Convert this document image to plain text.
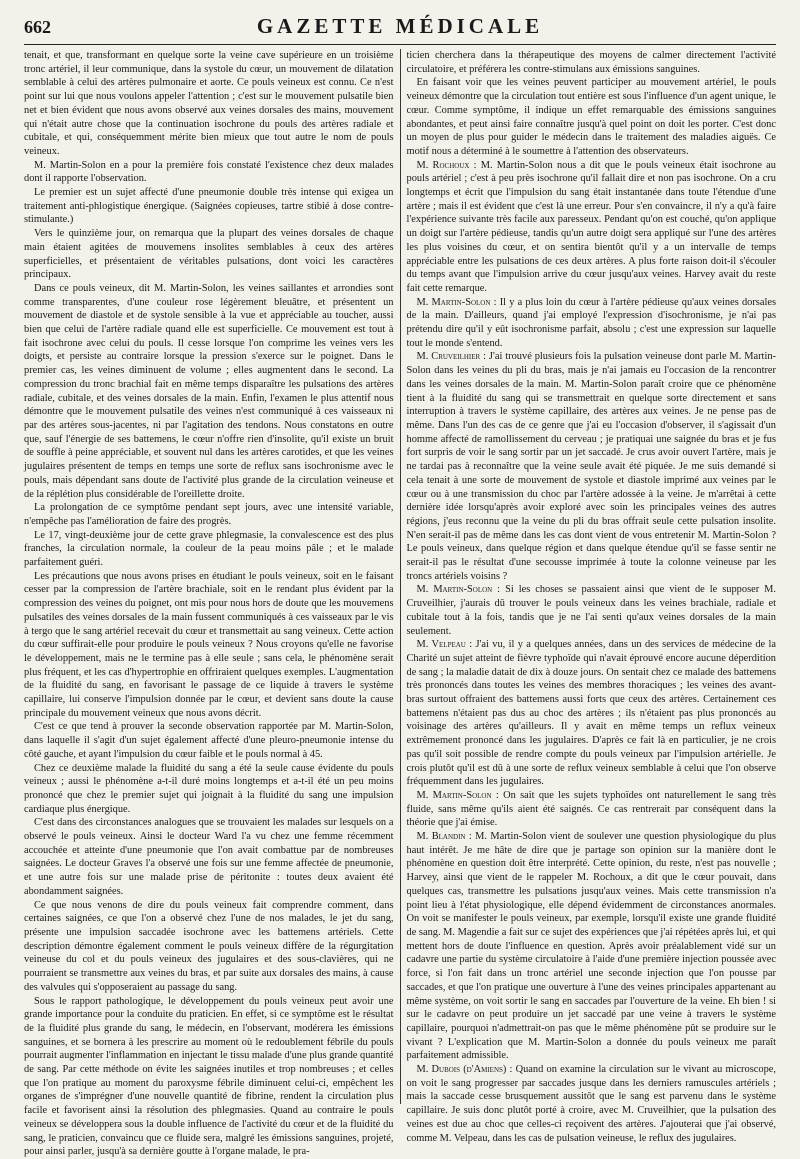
662	GAZETTE MÉDICALE

tenait, et que, transformant en quelque sorte la veine cave supérieure en un troisième tronc artériel, il leur communique, dans la systole du cœur, un mouvement de dilatation semblable à celui des artères pulmonaire et aorte. Ce pouls veineux est connu. Ce n'est point sur lui que nous voulons appeler l'attention ; c'est sur le mouvement pulsatile bien net et bien évident que nous avons observé aux veines dorsales des mains, mouvement qui n'était autre chose que la continuation isochrone du pouls des artères radiale et cubitale, et qui, conséquemment mérite bien mieux que tout autre le nom de pouls veineux.

M. Martin-Solon en a pour la première fois constaté l'existence chez deux malades dont il rapporte l'observation.

Le premier est un sujet affecté d'une pneumonie double très intense qui exigea un traitement anti-phlogistique énergique. (Saignées copieuses, tartre stibié à dose contre-stimulante.)

Vers le quinzième jour, on remarqua que la plupart des veines dorsales de chaque main étaient agitées de mouvemens insolites semblables à ceux des artères superficielles, et présentaient de véritables pulsations, dont voici les caractères principaux.

Dans ce pouls veineux, dit M. Martin-Solon, les veines saillantes et arrondies sont comme transparentes, d'une couleur rose légèrement bleuâtre, et présentent un mouvement de diastole et de systole sensible à la vue et appréciable au toucher, aussi bien que celui de l'artère radiale quand elle est superficielle. Ce mouvement est tout à fait isochrone avec celui du pouls. Il cesse lorsque l'on comprime les veines vers les doigts, et persiste au contraire lorsque la pression s'exerce sur le poignet. Dans le premier cas, les veines diminuent de volume ; elles augmentent dans le second. La compression du tronc brachial fait en même temps disparaître les pulsations des artères radiale, cubitale, et des veines dorsales de la main. Enfin, l'examen le plus attentif nous démontre que le mouvement pulsatile des veines n'est communiqué à ces vaisseaux ni par des artères sous-jacentes, ni par l'agitation des tendons. Nous constatons en outre que, sauf l'énergie de ses battemens, le cœur n'offre rien d'insolite, qu'il existe un bruit de souffle à peine appréciable, et souvent nul dans les artères carotides, et que les veines jugulaires présentent de temps en temps une sorte de reflux sans isochronisme avec le pouls, mais dépendant sans doute de l'activité plus grande de la circulation veineuse et de la réplétion plus considérable de l'oreillette droite.

La prolongation de ce symptôme pendant sept jours, avec une intensité variable, n'empêche pas l'amélioration de faire des progrès.

Le 17, vingt-deuxième jour de cette grave phlegmasie, la convalescence est des plus franches, la circulation normale, la couleur de la peau moins pâle ; et le malade parfaitement guéri.

Les précautions que nous avons prises en étudiant le pouls veineux, soit en le faisant cesser par la compression de l'artère brachiale, soit en le rendant plus évident par la compression des veines du poignet, ont mis pour nous hors de doute que les mouvemens pulsatiles des veines dorsales de la main fussent communiqués à ces vaisseaux par le vis à tergo que le sang artériel recevait du cœur et transmettait au sang veineux. Cette action du cœur suffirait-elle pour produire le pouls veineux ? Nous croyons qu'elle ne favorise le développement, mais ne le termine pas à elle seule ; sans cela, le phénomène serait plus fréquent, et les cas d'hypertrophie en offriraient quelques exemples. L'augmentation de la fluidité du sang, en favorisant le passage de ce liquide à travers le système capillaire, lui conserve l'impulsion donnée par le cœur, et devient sans doute la cause principale du mouvement veineux que nous avons décrit.

C'est ce que tend à prouver la seconde observation rapportée par M. Martin-Solon, dans laquelle il s'agit d'un sujet également affecté d'une pleuro-pneumonie intense du côté gauche, et ayant l'impulsion du cœur faible et le pouls normal à 45.

Chez ce deuxième malade la fluidité du sang a été la seule cause évidente du pouls veineux ; aussi le phénomène a-t-il duré moins longtemps et a-t-il été un peu moins prononcé que chez le premier sujet qui joignait à la fluidité du sang une impulsion cardiaque plus énergique.

C'est dans des circonstances analogues que se trouvaient les malades sur lesquels on a observé le pouls veineux. Ainsi le docteur Ward l'a vu chez une femme récemment accouchée et atteinte d'une pneumonie que l'on avait combattue par de nombreuses saignées. Le docteur Graves l'a observé une fois sur une femme affectée de pneumonie, et une autre fois sur une malade prise de péritonite : toutes deux avaient été abondamment saignées.

Ce que nous venons de dire du pouls veineux fait comprendre comment, dans certaines saignées, ce que l'on a observé chez l'une de nos malades, le jet du sang, présente une impulsion saccadée isochrone avec les battemens artériels. Cette description démontre également comment le pouls veineux diffère de la régurgitation veineuse du col et du pouls veineux des jugulaires et des sous-clavières, qui ne pourraient se transmettre aux veines du bras, et par suite aux dorsales des mains, à cause des valvules qui s'opposeraient au passage du sang.

Sous le rapport pathologique, le développement du pouls veineux peut avoir une grande importance pour la conduite du praticien. En effet, si ce symptôme est le résultat de la fluidité plus grande du sang, le médecin, en l'observant, modérera les émissions sanguines, et se bornera à les prescrire au moment où le redoublement fébrile du pouls pourrait augmenter l'inflammation en injectant le tissu malade d'une plus grande quantité de sang. Par cette méthode on évite les saignées inutiles et trop nombreuses ; et celles que l'on pratique au moment du paroxysme fébrile diminuent celui-ci, empêchent les organes de s'imprégner d'une nouvelle quantité de fibrine, rendent la circulation plus facile et favorisent ainsi la résolution des phlegmasies. Quand au contraire le pouls veineux se développera sous la double influence de l'activité du cœur et de la fluidité du sang, le praticien, convaincu que ce fluide sera, malgré les émissions sanguines, projeté, pour ainsi parler, jusqu'à sa dernière goutte à l'organe malade, le pra-

ticien cherchera dans la thérapeutique des moyens de calmer directement l'activité circulatoire, et préférera les contre-stimulans aux émissions sanguines.

En faisant voir que les veines peuvent participer au mouvement artériel, le pouls veineux démontre que la circulation tout entière est sous l'influence d'un agent unique, le cœur. Comme symptôme, il indique un effet remarquable des émissions sanguines abondantes, et peut ainsi faire connaître jusqu'à quel point on doit les porter. C'est donc un moyen de plus pour guider le médecin dans le traitement des maladies aiguës. Ce motif nous a déterminé à le soumettre à l'attention des observateurs.

M. Rochoux : M. Martin-Solon nous a dit que le pouls veineux était isochrone au pouls artériel ; c'est à peu près isochrone qu'il fallait dire et non pas isochrone. On a cru longtemps et écrit que l'impulsion du sang était instantanée dans toute l'étendue d'une artère ; mais il est évident que c'est là une erreur. Pour s'en convaincre, il n'y a qu'à faire l'expérience suivante très facile aux paresseux. Pendant qu'on est couché, qu'on applique un doigt sur l'artère pédieuse, tandis qu'un autre doigt sera appliqué sur l'une des artères les plus voisines du cœur, et on sentira bientôt qu'il y a un intervalle de temps appréciable entre les pulsations de ces deux artères. A plus forte raison doit-il s'écouler du temps avant que l'impulsion arrive du cœur jusqu'aux veines. Harvey avait du reste fait cette remarque.

M. Martin-Solon : Il y a plus loin du cœur à l'artère pédieuse qu'aux veines dorsales de la main. D'ailleurs, quand j'ai employé l'expression d'isochronisme, je n'ai pas prétendu dire qu'il y eût isochronisme parfait, absolu ; c'est une expression sur laquelle tout le monde s'entend.

M. Cruveilhier : J'ai trouvé plusieurs fois la pulsation veineuse dont parle M. Martin-Solon dans les veines du pli du bras, mais je n'ai jamais eu l'occasion de la rencontrer dans les veines dorsales de la main. M. Martin-Solon paraît croire que ce phénomène tient à la fluidité du sang qui se transmettrait en quelque sorte directement et sans interruption à travers le système capillaire, des artères aux veines. Je ne pense pas de même. Dans l'un des cas de ce genre que j'ai eu l'occasion d'observer, il s'agissait d'un homme affecté de ramollissement du cerveau ; je pratiquai une saignée du bras et je fus fort surpris de voir le sang sortir par un jet saccadé. Je crus avoir ouvert l'artère, mais je ne tardai pas à reconnaître que la veine seule avait été piquée. Je me suis demandé si cela tenait à une sorte de mouvement de systole et diastole imprimé aux veines par le cœur ou à une transmission du choc par l'artère adossée à la veine. Je m'arrêtai à cette dernière idée lorsqu'après avoir exploré avec soin les principales veines des autres régions, j'eus reconnu que la veine du pli du bras offrait seule cette pulsation insolite. N'en serait-il pas de même dans les cas dont vient de vous entretenir M. Martin-Solon ? Le pouls veineux, dans quelque région et dans quelque étendue qu'il se fasse sentir ne serait-il pas le résultat d'une secousse imprimée à toute la colonne veineuse par les troncs artériels voisins ?

M. Martin-Solon : Si les choses se passaient ainsi que vient de le supposer M. Cruveilhier, j'aurais dû trouver le pouls veineux dans les veines brachiale, radiale et cubitale tout à la fois, tandis que je ne l'ai senti qu'aux veines dorsales de la main seulement.

M. Velpeau : J'ai vu, il y a quelques années, dans un des services de médecine de la Charité un sujet atteint de fièvre typhoïde qui n'avait éprouvé encore aucune déperdition de sang ; la maladie datait de dix à douze jours. On sentait chez ce malade des battemens très prononcés dans toutes les veines des membres thoraciques ; les veines des avant-bras surtout offraient des battemens aussi forts que ceux des artères. Certainement ces battemens n'étaient pas dus au choc des artères ; ils n'étaient pas plus prononcés au voisinage des artères qu'ailleurs. Il y avait en même temps un reflux veineux extrêmement prononcé dans les jugulaires. D'après ce fait là en particulier, je ne crois pas qu'il soit possible de rendre compte du pouls veineux par l'impulsion artérielle. Je crois plutôt qu'il est dû à une sorte de reflux veineux semblable à celui que l'on observe fréquemment dans les jugulaires.

M. Martin-Solon : On sait que les sujets typhoïdes ont naturellement le sang très fluide, sans même qu'ils aient été saignés. Ce cas rentrerait par conséquent dans la théorie que j'ai émise.

M. Blandin : M. Martin-Solon vient de soulever une question physiologique du plus haut intérêt. Je me hâte de dire que je partage son opinion sur la manière dont le phénomène en question doit être interprété. Cette opinion, du reste, n'est pas nouvelle ; Harvey, ainsi que vient de le rappeler M. Rochoux, a dit que le cœur pouvait, dans quelques cas, transmettre les pulsations jusqu'aux veines. Mais cette transmission n'a point lieu à l'état physiologique, elle dépend évidemment de circonstances anormales. On voit se manifester le pouls veineux, par exemple, lorsqu'il existe une grande fluidité de sang. M. Magendie a fait sur ce sujet des expériences que j'ai répétées après lui, et qui mettent hors de doute l'influence en question. Après avoir préalablement vidé sur un cadavre une partie du système circulatoire à l'aide d'une première injection poussée avec force, si l'on fait dans un tronc artériel une seconde injection que l'on pousse par saccades, et que l'on pratique une ouverture à l'une des veines principales appartenant au même système, on voit sortir le sang en saccades par l'ouverture de la veine. Eh bien ! si sur le cadavre on peut produire un jet saccadé par une veine à travers le système capillaire, pourquoi n'admettrait-on pas que le même phénomène pût se produire sur le vivant ? L'explication que M. Martin-Solon a donnée du pouls veineux me paraît parfaitement admissible.

M. Dubois (d'Amiens) : Quand on examine la circulation sur le vivant au microscope, on voit le sang progresser par saccades jusque dans les derniers ramuscules artériels ; mais la saccade cesse brusquement aussitôt que le sang est parvenu dans le système capillaire. Je suis donc plutôt porté à croire, avec M. Cruveilhier, que la pulsation des veines est due au choc que celles-ci reçoivent des artères. J'ajouterai que j'ai observé, comme M. Velpeau, dans les cas de pulsation veineuse, le reflux des jugulaires.
